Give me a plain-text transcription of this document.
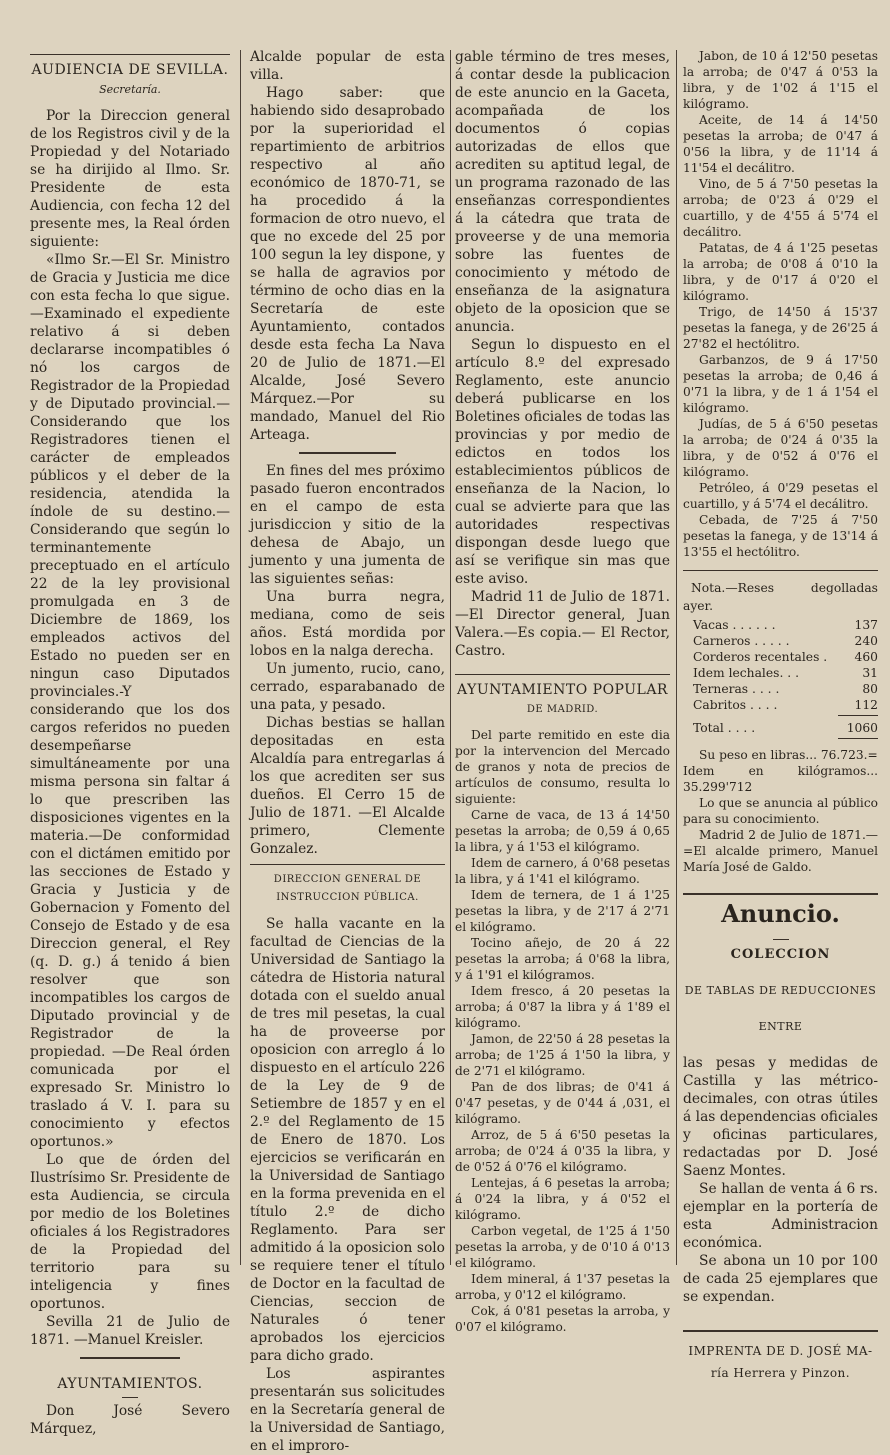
AUDIENCIA DE SEVILLA.
Secretaría.

Por la Direccion general de los Registros civil y de la Propiedad y del Notariado se ha dirijido al Ilmo. Sr. Presidente de esta Audiencia, con fecha 12 del presente mes, la Real órden siguiente:

«Ilmo Sr.—El Sr. Ministro de Gracia y Justicia me dice con esta fecha lo que sigue.—Examinado el expediente relativo á si deben declararse incompatibles ó nó los cargos de Registrador de la Propiedad y de Diputado provincial.—Considerando que los Registradores tienen el carácter de empleados públicos y el deber de la residencia, atendida la índole de su destino.—Considerando que según lo terminantemente preceptuado en el artículo 22 de la ley provisional promulgada en 3 de Diciembre de 1869, los empleados activos del Estado no pueden ser en ningun caso Diputados provinciales.-Y considerando que los dos cargos referidos no pueden desempeñarse simultáneamente por una misma persona sin faltar á lo que prescriben las disposiciones vigentes en la materia.—De conformidad con el dictámen emitido por las secciones de Estado y Gracia y Justicia y de Gobernacion y Fomento del Consejo de Estado y de esa Direccion general, el Rey (q. D. g.) á tenido á bien resolver que son incompatibles los cargos de Diputado provincial y de Registrador de la propiedad. —De Real órden comunicada por el expresado Sr. Ministro lo traslado á V. I. para su conocimiento y efectos oportunos.»

Lo que de órden del Ilustrísimo Sr. Presidente de esta Audiencia, se circula por medio de los Boletines oficiales á los Registradores de la Propiedad del territorio para su inteligencia y fines oportunos.

Sevilla 21 de Julio de 1871. —Manuel Kreisler.

AYUNTAMIENTOS.

Don José Severo Márquez,

Alcalde popular de esta villa.

Hago saber: que habiendo sido desaprobado por la superioridad el repartimiento de arbitrios respectivo al año económico de 1870-71, se ha procedido á la formacion de otro nuevo, el que no excede del 25 por 100 segun la ley dispone, y se halla de agravios por término de ocho dias en la Secretaría de este Ayuntamiento, contados desde esta fecha La Nava 20 de Julio de 1871.—El Alcalde, José Severo Márquez.—Por su mandado, Manuel del Rio Arteaga.

En fines del mes próximo pasado fueron encontrados en el campo de esta jurisdiccion y sitio de la dehesa de Abajo, un jumento y una jumenta de las siguientes señas:

Una burra negra, mediana, como de seis años. Está mordida por lobos en la nalga derecha.

Un jumento, rucio, cano, cerrado, esparabanado de una pata, y pesado.

Dichas bestias se hallan depositadas en esta Alcaldía para entregarlas á los que acrediten ser sus dueños. El Cerro 15 de Julio de 1871. —El Alcalde primero, Clemente Gonzalez.

DIRECCION GENERAL DE INSTRUCCION PÚBLICA.

Se halla vacante en la facultad de Ciencias de la Universidad de Santiago la cátedra de Historia natural dotada con el sueldo anual de tres mil pesetas, la cual ha de proveerse por oposicion con arreglo á lo dispuesto en el artículo 226 de la Ley de 9 de Setiembre de 1857 y en el 2.º del Reglamento de 15 de Enero de 1870. Los ejercicios se verificarán en la Universidad de Santiago en la forma prevenida en el título 2.º de dicho Reglamento. Para ser admitido á la oposicion solo se requiere tener el título de Doctor en la facultad de Ciencias, seccion de Naturales ó tener aprobados los ejercicios para dicho grado.

Los aspirantes presentarán sus solicitudes en la Secretaría general de la Universidad de Santiago, en el improro-

gable término de tres meses, á contar desde la publicacion de este anuncio en la Gaceta, acompañada de los documentos ó copias autorizadas de ellos que acrediten su aptitud legal, de un programa razonado de las enseñanzas correspondientes á la cátedra que trata de proveerse y de una memoria sobre las fuentes de conocimiento y método de enseñanza de la asignatura objeto de la oposicion que se anuncia.

Segun lo dispuesto en el artículo 8.º del expresado Reglamento, este anuncio deberá publicarse en los Boletines oficiales de todas las provincias y por medio de edictos en todos los establecimientos públicos de enseñanza de la Nacion, lo cual se advierte para que las autoridades respectivas dispongan desde luego que así se verifique sin mas que este aviso.

Madrid 11 de Julio de 1871.—El Director general, Juan Valera.—Es copia.— El Rector, Castro.

AYUNTAMIENTO POPULAR
DE MADRID.

Del parte remitido en este dia por la intervencion del Mercado de granos y nota de precios de artículos de consumo, resulta lo siguiente:

Carne de vaca, de 13 á 14'50 pesetas la arroba; de 0,59 á 0,65 la libra, y á 1'53 el kilógramo.

Idem de carnero, á 0'68 pesetas la libra, y á 1'41 el kilógramo.

Idem de ternera, de 1 á 1'25 pesetas la libra, y de 2'17 á 2'71 el kilógramo.

Tocino añejo, de 20 á 22 pesetas la arroba; á 0'68 la libra, y á 1'91 el kilógramos.

Idem fresco, á 20 pesetas la arroba; á 0'87 la libra y á 1'89 el kilógramo.

Jamon, de 22'50 á 28 pesetas la arroba; de 1'25 á 1'50 la libra, y de 2'71 el kilógramo.

Pan de dos libras; de 0'41 á 0'47 pesetas, y de 0'44 á ,031, el kilógramo.

Arroz, de 5 á 6'50 pesetas la arroba; de 0'24 á 0'35 la libra, y de 0'52 á 0'76 el kilógramo.

Lentejas, á 6 pesetas la arroba; á 0'24 la libra, y á 0'52 el kilógramo.

Carbon vegetal, de 1'25 á 1'50 pesetas la arroba, y de 0'10 á 0'13 el kilógramo.

Idem mineral, á 1'37 pesetas la arroba, y 0'12 el kilógramo.

Cok, á 0'81 pesetas la arroba, y 0'07 el kilógramo.

Jabon, de 10 á 12'50 pesetas la arroba; de 0'47 á 0'53 la libra, y de 1'02 á 1'15 el kilógramo.

Aceite, de 14 á 14'50 pesetas la arroba; de 0'47 á 0'56 la libra, y de 11'14 á 11'54 el decálitro.

Vino, de 5 á 7'50 pesetas la arroba; de 0'23 á 0'29 el cuartillo, y de 4'55 á 5'74 el decálitro.

Patatas, de 4 á 1'25 pesetas la arroba; de 0'08 á 0'10 la libra, y de 0'17 á 0'20 el kilógramo.

Trigo, de 14'50 á 15'37 pesetas la fanega, y de 26'25 á 27'82 el hectólitro.

Garbanzos, de 9 á 17'50 pesetas la arroba; de 0,46 á 0'71 la libra, y de 1 á 1'54 el kilógramo.

Judías, de 5 á 6'50 pesetas la arroba; de 0'24 á 0'35 la libra, y de 0'52 á 0'76 el kilógramo.

Petróleo, á 0'29 pesetas el cuartillo, y á 5'74 el decálitro.

Cebada, de 7'25 á 7'50 pesetas la fanega, y de 13'14 á 13'55 el hectólitro.

Nota.—Reses degolladas ayer.
Vacas . . . . . .	137
Carneros . . . . .	240
Corderos recentales . 460
Idem lechales. . .	31
Terneras . . . .	80
Cabritos . . . .	112
Total . . . .	1060

Su peso en libras... 76.723.=

Idem en kilógramos... 35.299'712

Lo que se anuncia al público para su conocimiento.

Madrid 2 de Julio de 1871.— =El alcalde primero, Manuel María José de Galdo.

Anuncio.
COLECCION
DE TABLAS DE REDUCCIONES
ENTRE

las pesas y medidas de Castilla y las métrico-decimales, con otras útiles á las dependencias oficiales y oficinas particulares, redactadas por D. José Saenz Montes.

Se hallan de venta á 6 rs. ejemplar en la portería de esta Administracion económica.

Se abona un 10 por 100 de cada 25 ejemplares que se expendan.

IMPRENTA DE D. JOSÉ MA-
ría Herrera y Pinzon.
